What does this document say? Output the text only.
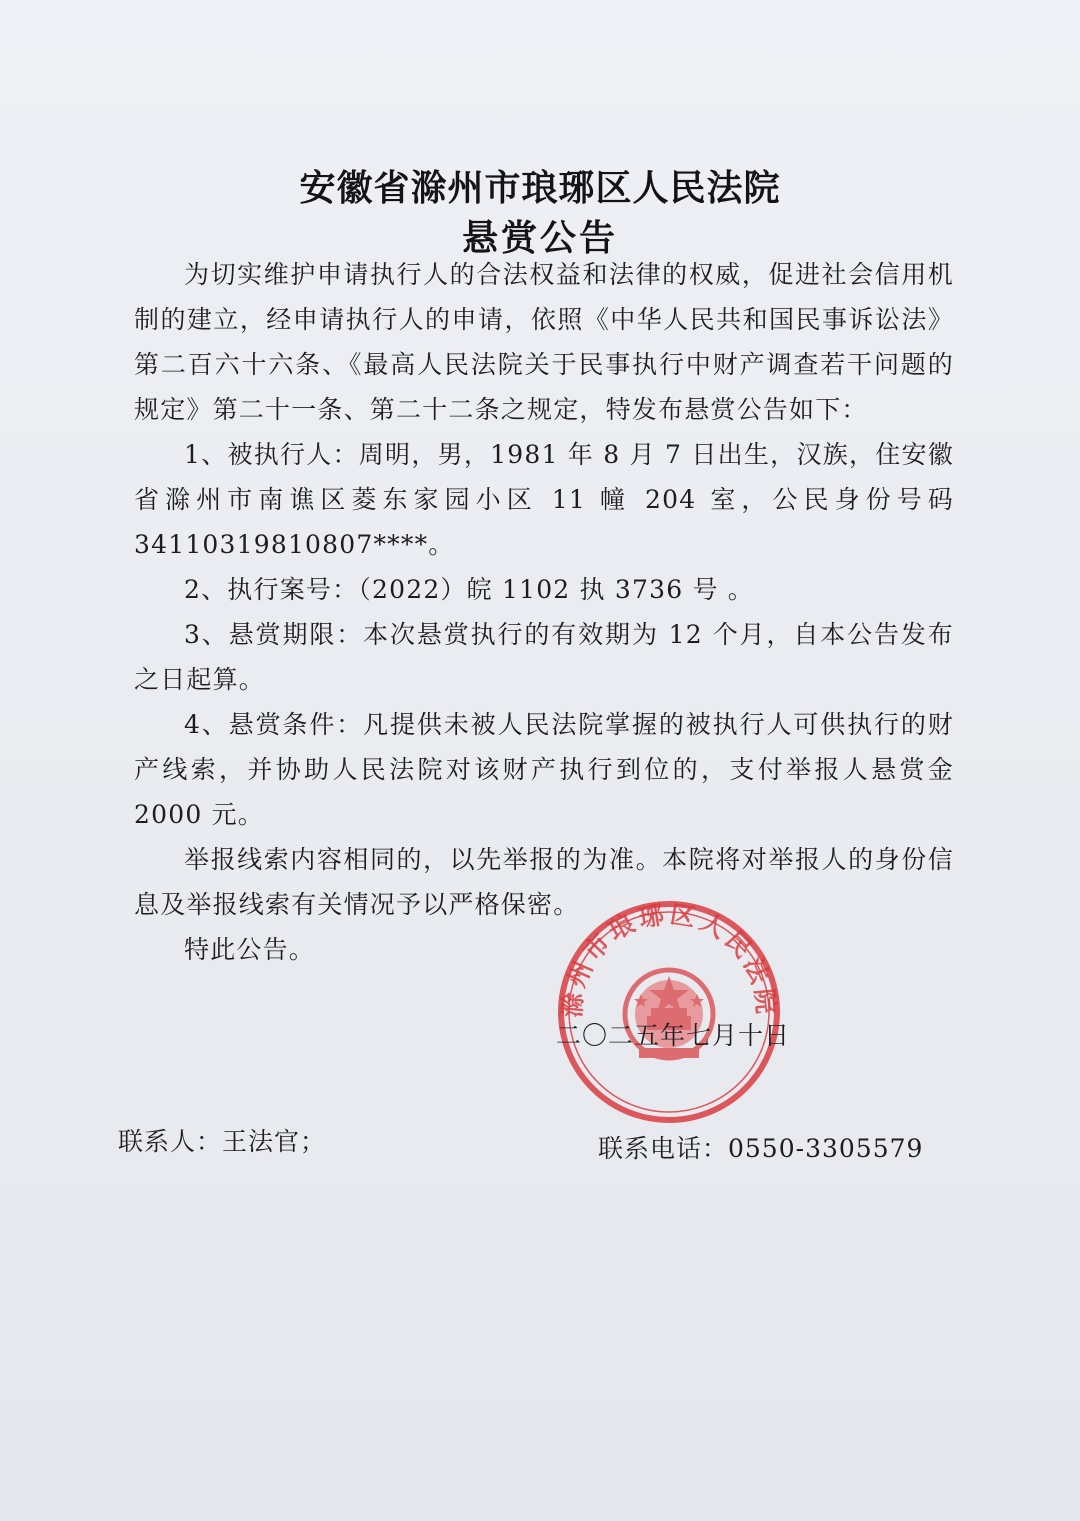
安徽省滁州市琅琊区人民法院
悬赏公告

为切实维护申请执行人的合法权益和法律的权威，促进社会信用机制的建立，经申请执行人的申请，依照《中华人民共和国民事诉讼法》第二百六十六条、《最高人民法院关于民事执行中财产调查若干问题的规定》第二十一条、第二十二条之规定，特发布悬赏公告如下：

1、被执行人：周明，男，1981 年 8 月 7 日出生，汉族，住安徽省滁州市南谯区菱东家园小区 11 幢 204 室，公民身份号码34110319810807****。

2、执行案号：（2022）皖 1102 执 3736 号 。

3、悬赏期限：本次悬赏执行的有效期为 12 个月，自本公告发布之日起算。

4、悬赏条件：凡提供未被人民法院掌握的被执行人可供执行的财产线索，并协助人民法院对该财产执行到位的，支付举报人悬赏金 2000 元。

举报线索内容相同的，以先举报的为准。本院将对举报人的身份信息及举报线索有关情况予以严格保密。

特此公告。

滁州市琅琊区人民法院
二〇二五年七月十日
联系人：王法官；	联系电话：0550-3305579
